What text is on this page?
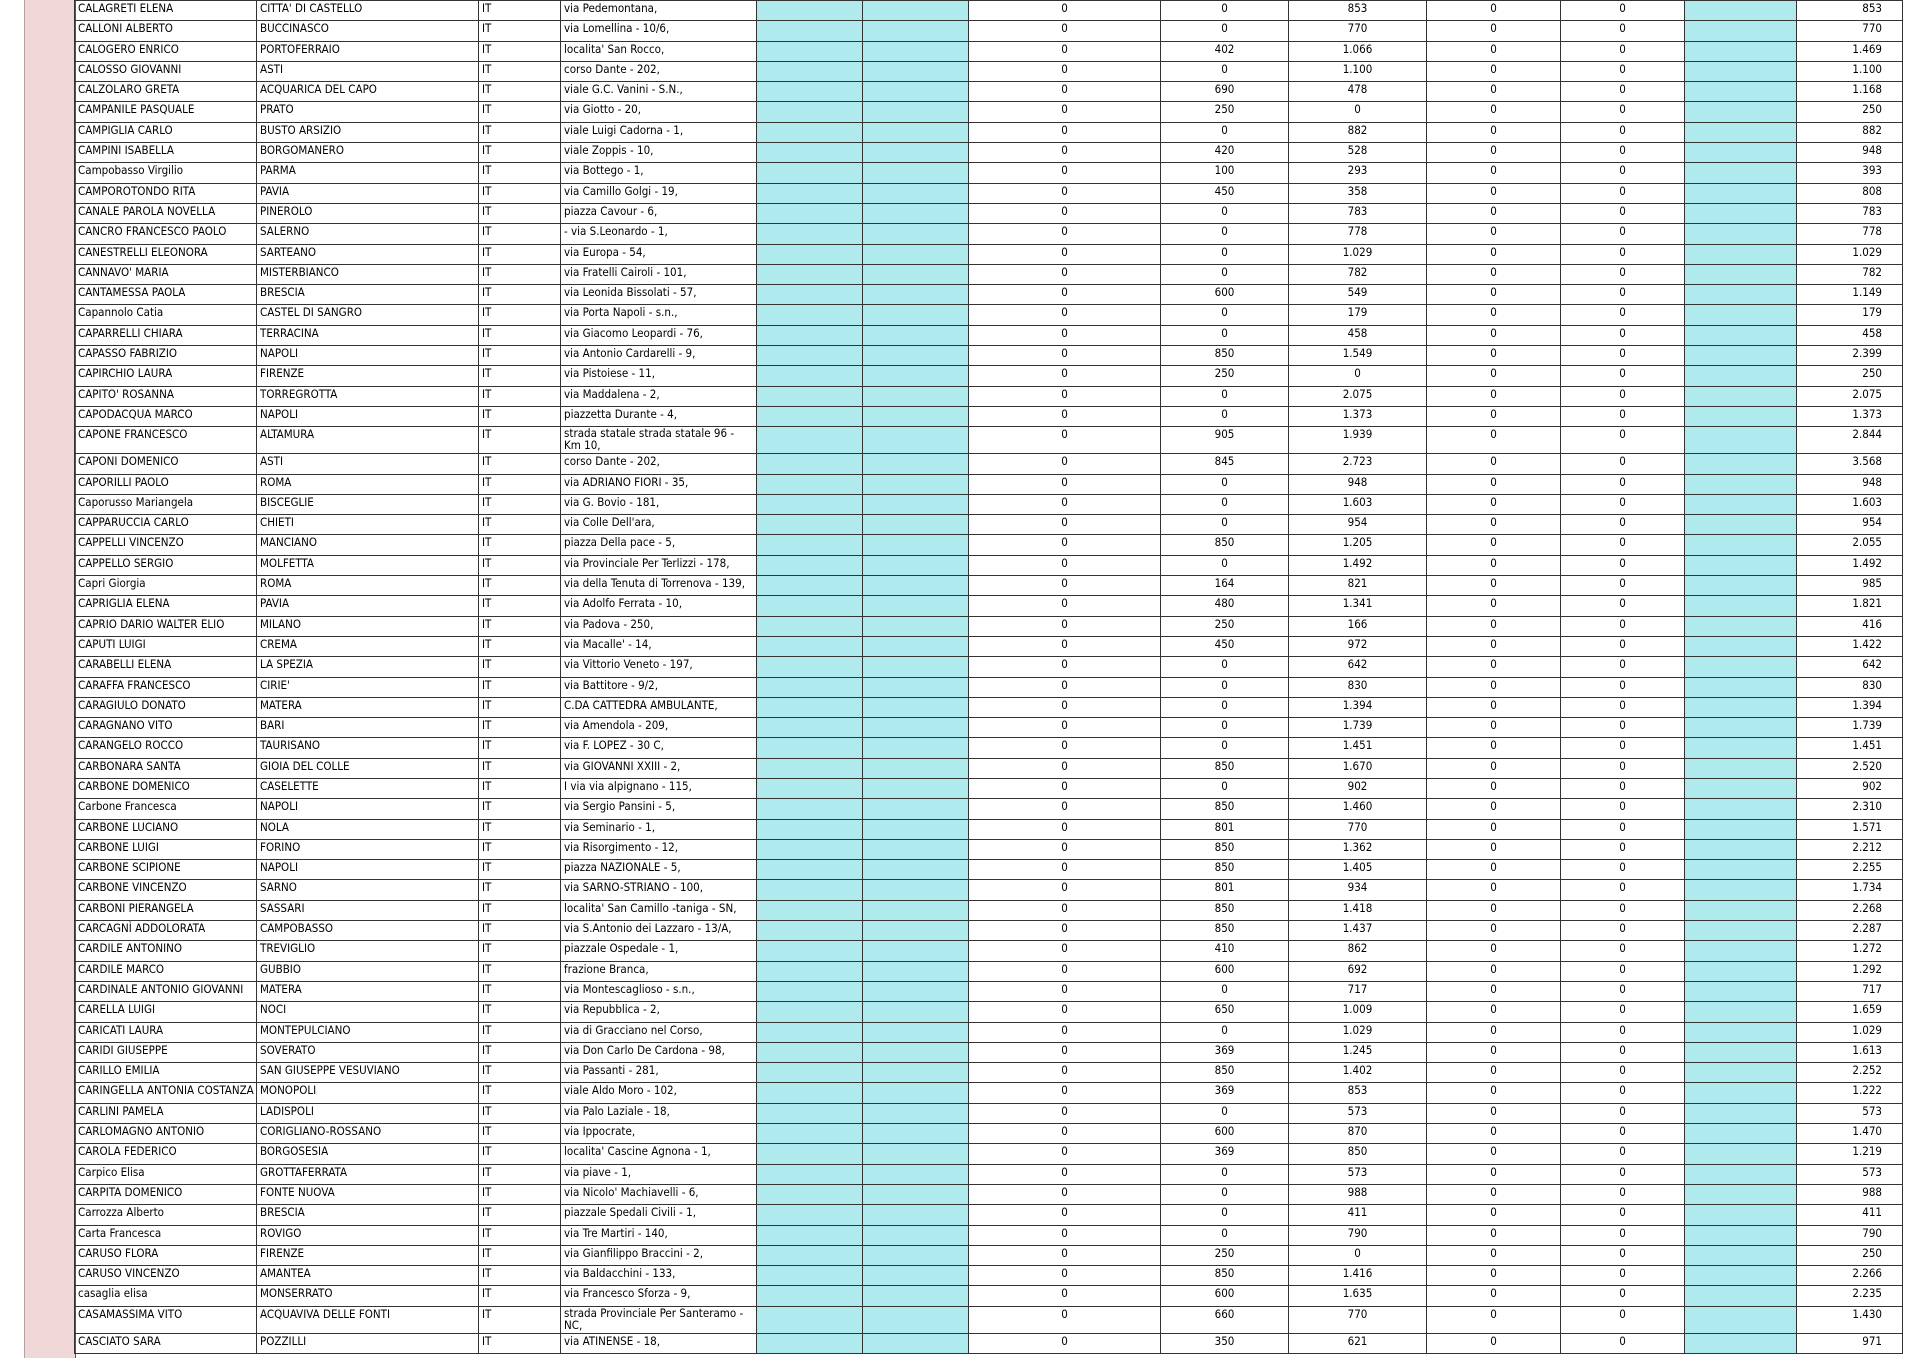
CALAGRETI ELENA	CITTA' DI CASTELLO	IT	via Pedemontana,			0	0	853	0	0		853
CALLONI ALBERTO	BUCCINASCO	IT	via Lomellina - 10/6,			0	0	770	0	0		770
CALOGERO ENRICO	PORTOFERRAIO	IT	localita' San Rocco,			0	402	1.066	0	0		1.469
CALOSSO GIOVANNI	ASTI	IT	corso Dante - 202,			0	0	1.100	0	0		1.100
CALZOLARO GRETA	ACQUARICA DEL CAPO	IT	viale G.C. Vanini - S.N.,			0	690	478	0	0		1.168
CAMPANILE PASQUALE	PRATO	IT	via Giotto - 20,			0	250	0	0	0		250
CAMPIGLIA CARLO	BUSTO ARSIZIO	IT	viale Luigi Cadorna - 1,			0	0	882	0	0		882
CAMPINI ISABELLA	BORGOMANERO	IT	viale Zoppis - 10,			0	420	528	0	0		948
Campobasso Virgilio	PARMA	IT	via Bottego - 1,			0	100	293	0	0		393
CAMPOROTONDO RITA	PAVIA	IT	via Camillo Golgi - 19,			0	450	358	0	0		808
CANALE PAROLA NOVELLA	PINEROLO	IT	piazza Cavour - 6,			0	0	783	0	0		783
CANCRO FRANCESCO PAOLO	SALERNO	IT	- via S.Leonardo - 1,			0	0	778	0	0		778
CANESTRELLI ELEONORA	SARTEANO	IT	via Europa - 54,			0	0	1.029	0	0		1.029
CANNAVO' MARIA	MISTERBIANCO	IT	via Fratelli Cairoli - 101,			0	0	782	0	0		782
CANTAMESSA PAOLA	BRESCIA	IT	via Leonida Bissolati - 57,			0	600	549	0	0		1.149
Capannolo Catia	CASTEL DI SANGRO	IT	via Porta Napoli - s.n.,			0	0	179	0	0		179
CAPARRELLI CHIARA	TERRACINA	IT	via Giacomo Leopardi - 76,			0	0	458	0	0		458
CAPASSO FABRIZIO	NAPOLI	IT	via Antonio Cardarelli - 9,			0	850	1.549	0	0		2.399
CAPIRCHIO LAURA	FIRENZE	IT	via Pistoiese - 11,			0	250	0	0	0		250
CAPITO' ROSANNA	TORREGROTTA	IT	via Maddalena - 2,			0	0	2.075	0	0		2.075
CAPODACQUA MARCO	NAPOLI	IT	piazzetta Durante - 4,			0	0	1.373	0	0		1.373
CAPONE FRANCESCO	ALTAMURA	IT	strada statale strada statale 96 - Km 10,			0	905	1.939	0	0		2.844
CAPONI DOMENICO	ASTI	IT	corso Dante - 202,			0	845	2.723	0	0		3.568
CAPORILLI PAOLO	ROMA	IT	via ADRIANO FIORI - 35,			0	0	948	0	0		948
Caporusso Mariangela	BISCEGLIE	IT	via G. Bovio - 181,			0	0	1.603	0	0		1.603
CAPPARUCCIA CARLO	CHIETI	IT	via Colle Dell'ara,			0	0	954	0	0		954
CAPPELLI VINCENZO	MANCIANO	IT	piazza Della pace - 5,			0	850	1.205	0	0		2.055
CAPPELLO SERGIO	MOLFETTA	IT	via Provinciale Per Terlizzi - 178,			0	0	1.492	0	0		1.492
Capri Giorgia	ROMA	IT	via della Tenuta di Torrenova - 139,			0	164	821	0	0		985
CAPRIGLIA ELENA	PAVIA	IT	via Adolfo Ferrata - 10,			0	480	1.341	0	0		1.821
CAPRIO DARIO WALTER ELIO	MILANO	IT	via Padova - 250,			0	250	166	0	0		416
CAPUTI LUIGI	CREMA	IT	via Macalle' - 14,			0	450	972	0	0		1.422
CARABELLI ELENA	LA SPEZIA	IT	via Vittorio Veneto - 197,			0	0	642	0	0		642
CARAFFA FRANCESCO	CIRIE'	IT	via Battitore - 9/2,			0	0	830	0	0		830
CARAGIULO DONATO	MATERA	IT	C.DA CATTEDRA AMBULANTE,			0	0	1.394	0	0		1.394
CARAGNANO VITO	BARI	IT	via Amendola - 209,			0	0	1.739	0	0		1.739
CARANGELO ROCCO	TAURISANO	IT	via F. LOPEZ - 30 C,			0	0	1.451	0	0		1.451
CARBONARA SANTA	GIOIA DEL COLLE	IT	via GIOVANNI XXIII - 2,			0	850	1.670	0	0		2.520
CARBONE DOMENICO	CASELETTE	IT	I via via alpignano - 115,			0	0	902	0	0		902
Carbone Francesca	NAPOLI	IT	via Sergio Pansini - 5,			0	850	1.460	0	0		2.310
CARBONE LUCIANO	NOLA	IT	via Seminario - 1,			0	801	770	0	0		1.571
CARBONE LUIGI	FORINO	IT	via Risorgimento - 12,			0	850	1.362	0	0		2.212
CARBONE SCIPIONE	NAPOLI	IT	piazza NAZIONALE - 5,			0	850	1.405	0	0		2.255
CARBONE VINCENZO	SARNO	IT	via SARNO-STRIANO - 100,			0	801	934	0	0		1.734
CARBONI PIERANGELA	SASSARI	IT	localita' San Camillo -taniga - SN,			0	850	1.418	0	0		2.268
CARCAGNÌ ADDOLORATA	CAMPOBASSO	IT	via S.Antonio dei Lazzaro - 13/A,			0	850	1.437	0	0		2.287
CARDILE ANTONINO	TREVIGLIO	IT	piazzale Ospedale - 1,			0	410	862	0	0		1.272
CARDILE MARCO	GUBBIO	IT	frazione Branca,			0	600	692	0	0		1.292
CARDINALE ANTONIO GIOVANNI	MATERA	IT	via Montescaglioso - s.n.,			0	0	717	0	0		717
CARELLA LUIGI	NOCI	IT	via Repubblica - 2,			0	650	1.009	0	0		1.659
CARICATI LAURA	MONTEPULCIANO	IT	via di Gracciano nel Corso,			0	0	1.029	0	0		1.029
CARIDI GIUSEPPE	SOVERATO	IT	via Don Carlo De Cardona - 98,			0	369	1.245	0	0		1.613
CARILLO EMILIA	SAN GIUSEPPE VESUVIANO	IT	via Passanti - 281,			0	850	1.402	0	0		2.252
CARINGELLA ANTONIA COSTANZA	MONOPOLI	IT	viale Aldo Moro - 102,			0	369	853	0	0		1.222
CARLINI PAMELA	LADISPOLI	IT	via Palo Laziale - 18,			0	0	573	0	0		573
CARLOMAGNO ANTONIO	CORIGLIANO-ROSSANO	IT	via Ippocrate,			0	600	870	0	0		1.470
CAROLA FEDERICO	BORGOSESIA	IT	localita' Cascine Agnona - 1,			0	369	850	0	0		1.219
Carpico Elisa	GROTTAFERRATA	IT	via piave - 1,			0	0	573	0	0		573
CARPITA DOMENICO	FONTE NUOVA	IT	via Nicolo' Machiavelli - 6,			0	0	988	0	0		988
Carrozza Alberto	BRESCIA	IT	piazzale Spedali Civili - 1,			0	0	411	0	0		411
Carta Francesca	ROVIGO	IT	via Tre Martiri - 140,			0	0	790	0	0		790
CARUSO FLORA	FIRENZE	IT	via Gianfilippo Braccini - 2,			0	250	0	0	0		250
CARUSO VINCENZO	AMANTEA	IT	via Baldacchini - 133,			0	850	1.416	0	0		2.266
casaglia elisa	MONSERRATO	IT	via Francesco Sforza - 9,			0	600	1.635	0	0		2.235
CASAMASSIMA VITO	ACQUAVIVA DELLE FONTI	IT	strada Provinciale Per Santeramo - NC,			0	660	770	0	0		1.430
CASCIATO SARA	POZZILLI	IT	via ATINENSE - 18,			0	350	621	0	0		971
